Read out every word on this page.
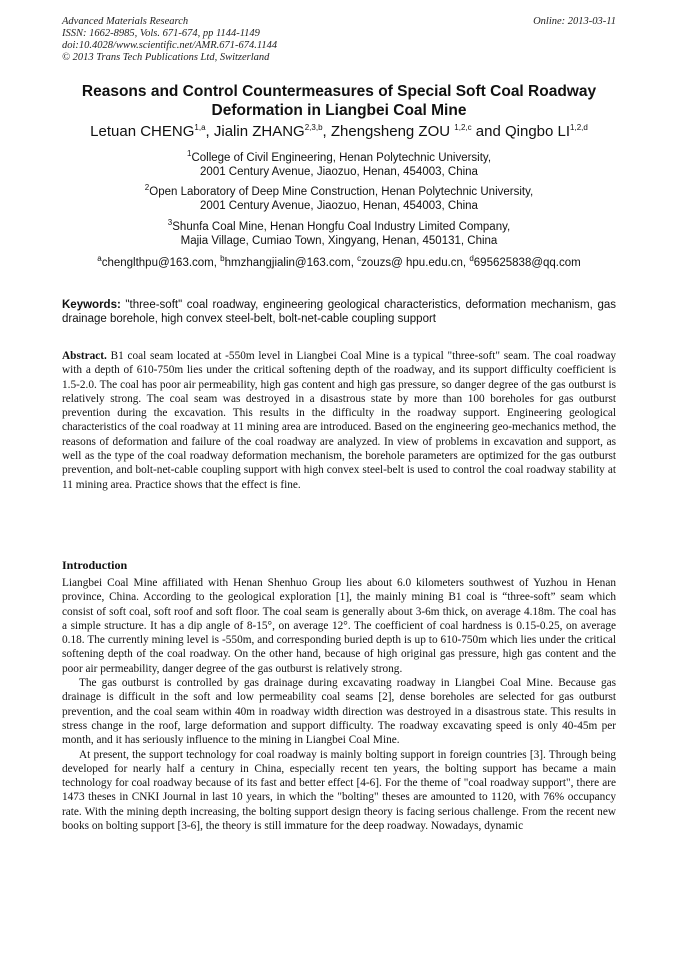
Advanced Materials Research
ISSN: 1662-8985, Vols. 671-674, pp 1144-1149
doi:10.4028/www.scientific.net/AMR.671-674.1144
© 2013 Trans Tech Publications Ltd, Switzerland
Online: 2013-03-11
Reasons and Control Countermeasures of Special Soft Coal Roadway
Deformation in Liangbei Coal Mine
Letuan CHENG$^{1,a}$, Jialin ZHANG$^{2,3,b}$, Zhengsheng ZOU $^{1,2,c}$ and Qingbo LI$^{1,2,d}$
$^1$College of Civil Engineering, Henan Polytechnic University,
2001 Century Avenue, Jiaozuo, Henan, 454003, China
$^2$Open Laboratory of Deep Mine Construction, Henan Polytechnic University,
2001 Century Avenue, Jiaozuo, Henan, 454003, China
$^3$Shunfa Coal Mine, Henan Hongfu Coal Industry Limited Company,
Majia Village, Cumiao Town, Xingyang, Henan, 450131, China
$^a$chenglthpu@163.com, $^b$hmzhangjialin@163.com, $^c$zouzs@ hpu.edu.cn, $^d$695625838@qq.com
Keywords: "three-soft" coal roadway, engineering geological characteristics, deformation mechanism, gas drainage borehole, high convex steel-belt, bolt-net-cable coupling support
Abstract. B1 coal seam located at -550m level in Liangbei Coal Mine is a typical "three-soft" seam. The coal roadway with a depth of 610-750m lies under the critical softening depth of the roadway, and its support difficulty coefficient is 1.5-2.0. The coal has poor air permeability, high gas content and high gas pressure, so danger degree of the gas outburst is relatively strong. The coal seam was destroyed in a disastrous state by more than 100 boreholes for gas outburst prevention during the excavation. This results in the difficulty in the roadway support. Engineering geological characteristics of the coal roadway at 11 mining area are introduced. Based on the engineering geo-mechanics method, the reasons of deformation and failure of the coal roadway are analyzed. In view of problems in excavation and support, as well as the type of the coal roadway deformation mechanism, the borehole parameters are optimized for the gas outburst prevention, and bolt-net-cable coupling support with high convex steel-belt is used to control the coal roadway stability at 11 mining area. Practice shows that the effect is fine.
Introduction

Liangbei Coal Mine affiliated with Henan Shenhuo Group lies about 6.0 kilometers southwest of Yuzhou in Henan province, China. According to the geological exploration [1], the mainly mining B1 coal is “three-soft” seam which consist of soft coal, soft roof and soft floor. The coal seam is generally about 3-6m thick, on average 4.18m. The coal has a simple structure. It has a dip angle of 8-15°, on average 12°. The coefficient of coal hardness is 0.15-0.25, on average 0.18. The currently mining level is -550m, and corresponding buried depth is up to 610-750m which lies under the critical softening depth of the coal roadway. On the other hand, because of high original gas pressure, high gas content and the poor air permeability, danger degree of the gas outburst is relatively strong.

The gas outburst is controlled by gas drainage during excavating roadway in Liangbei Coal Mine. Because gas drainage is difficult in the soft and low permeability coal seams [2], dense boreholes are selected for gas outburst prevention, and the coal seam within 40m in roadway width direction was destroyed in a disastrous state. This results in stress change in the roof, large deformation and support difficulty. The roadway excavating speed is only 40-45m per month, and it has seriously influence to the mining in Liangbei Coal Mine.

At present, the support technology for coal roadway is mainly bolting support in foreign countries [3]. Through being developed for nearly half a century in China, especially recent ten years, the bolting support has became a main technology for coal roadway because of its fast and better effect [4-6]. For the theme of "coal roadway support", there are 1473 theses in CNKI Journal in last 10 years, in which the "bolting" theses are amounted to 1120, with 76% occupancy rate. With the mining depth increasing, the bolting support design theory is facing serious challenge. From the recent new books on bolting support [3-6], the theory is still immature for the deep roadway. Nowadays, dynamic
